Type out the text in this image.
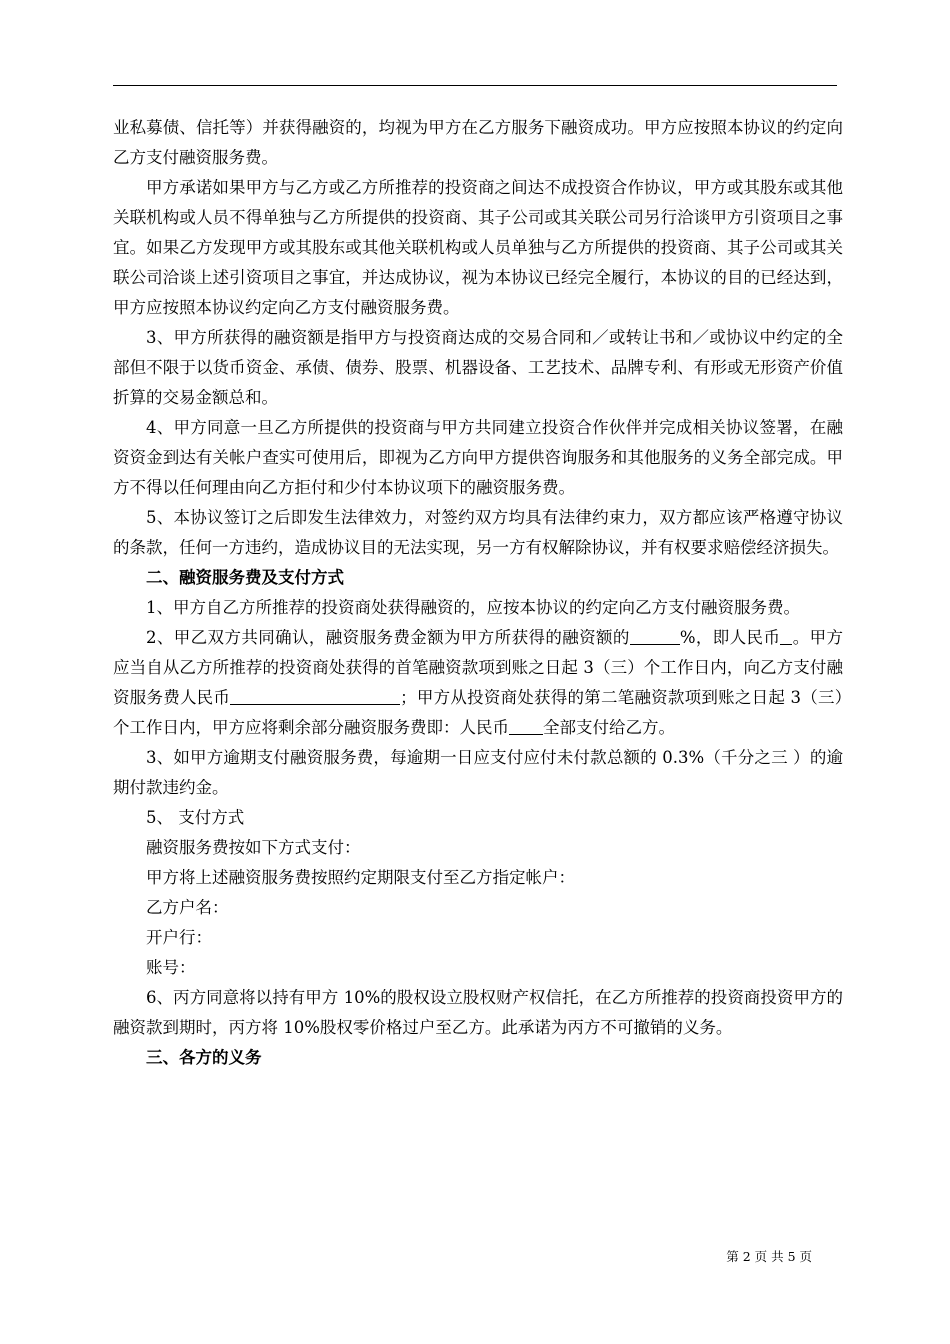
业私募债、信托等）并获得融资的，均视为甲方在乙方服务下融资成功。甲方应按照本协议的约定向乙方支付融资服务费。

甲方承诺如果甲方与乙方或乙方所推荐的投资商之间达不成投资合作协议，甲方或其股东或其他关联机构或人员不得单独与乙方所提供的投资商、其子公司或其关联公司另行洽谈甲方引资项目之事宜。如果乙方发现甲方或其股东或其他关联机构或人员单独与乙方所提供的投资商、其子公司或其关联公司洽谈上述引资项目之事宜，并达成协议，视为本协议已经完全履行，本协议的目的已经达到，甲方应按照本协议约定向乙方支付融资服务费。

3、甲方所获得的融资额是指甲方与投资商达成的交易合同和／或转让书和／或协议中约定的全部但不限于以货币资金、承债、债券、股票、机器设备、工艺技术、品牌专利、有形或无形资产价值折算的交易金额总和。

4、甲方同意一旦乙方所提供的投资商与甲方共同建立投资合作伙伴并完成相关协议签署，在融资资金到达有关帐户查实可使用后，即视为乙方向甲方提供咨询服务和其他服务的义务全部完成。甲方不得以任何理由向乙方拒付和少付本协议项下的融资服务费。

5、本协议签订之后即发生法律效力，对签约双方均具有法律约束力，双方都应该严格遵守协议的条款，任何一方违约，造成协议目的无法实现，另一方有权解除协议，并有权要求赔偿经济损失。

二、融资服务费及支付方式

1、甲方自乙方所推荐的投资商处获得融资的，应按本协议的约定向乙方支付融资服务费。

2、甲乙双方共同确认，融资服务费金额为甲方所获得的融资额的	%，即人民币 。甲方应当自从乙方所推荐的投资商处获得的首笔融资款项到账之日起 3（三）个工作日内，向乙方支付融资服务费人民币	；甲方从投资商处获得的第二笔融资款项到账之日起 3（三）个工作日内，甲方应将剩余部分融资服务费即：人民币 全部支付给乙方。

3、如甲方逾期支付融资服务费，每逾期一日应支付应付未付款总额的 0.3%（千分之三 ）的逾期付款违约金。

5、 支付方式

融资服务费按如下方式支付：

甲方将上述融资服务费按照约定期限支付至乙方指定帐户：

乙方户名：

开户行：

账号：

6、丙方同意将以持有甲方 10%的股权设立股权财产权信托，在乙方所推荐的投资商投资甲方的融资款到期时，丙方将 10%股权零价格过户至乙方。此承诺为丙方不可撤销的义务。

三、各方的义务

第 2 页 共 5 页
